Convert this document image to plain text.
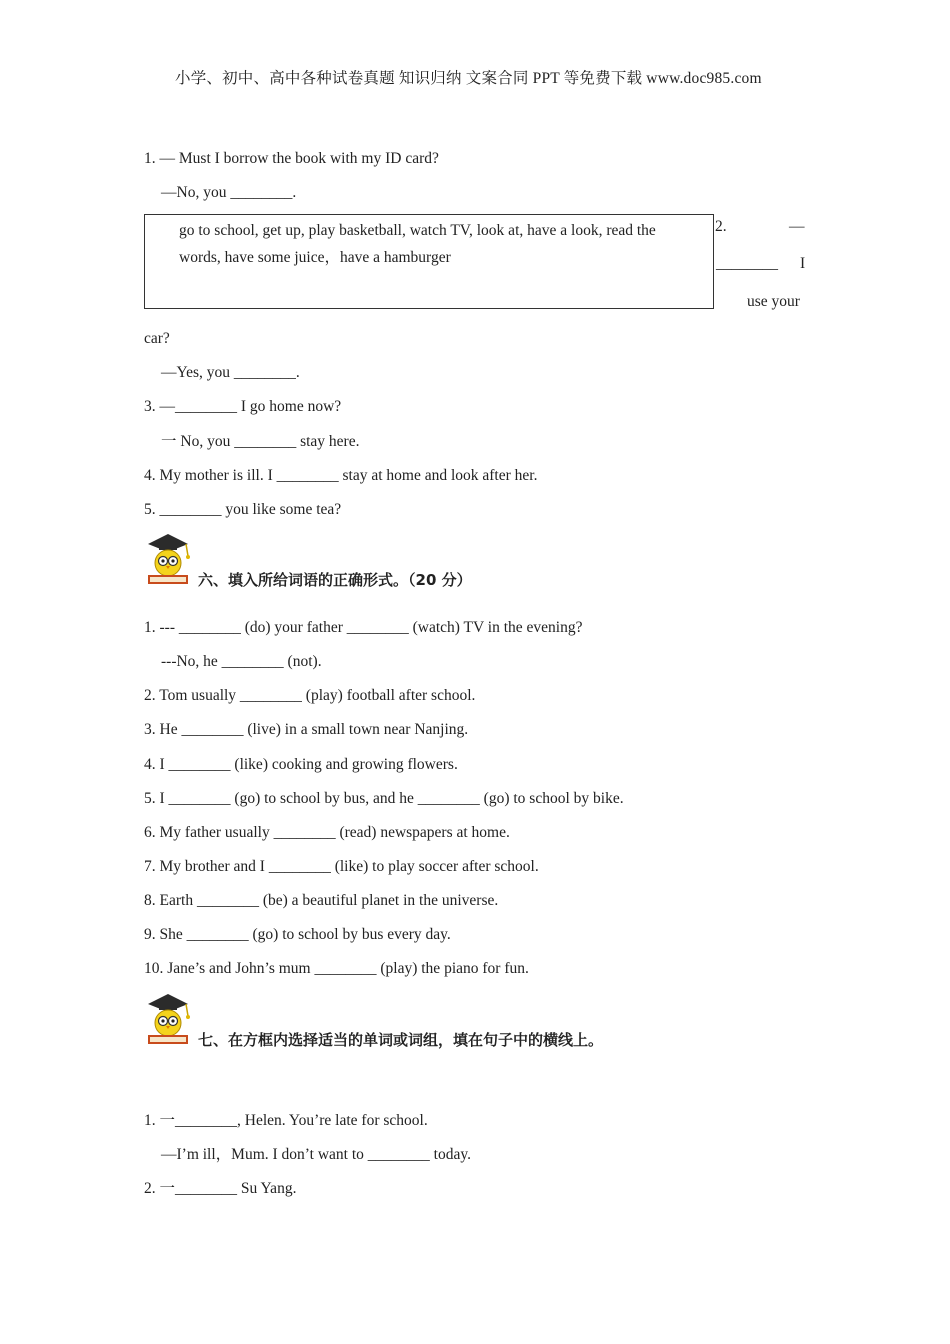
小学、初中、高中各种试卷真题 知识归纳 文案合同 PPT 等免费下载 www.doc985.com
1. — Must I borrow the book with my ID card?
—No, you ________.
go to school, get up, play basketball, watch TV, look at, have a look, read the words, have some juice，have a hamburger
2.	—
________ I
use your
car?
—Yes, you ________.
3. —________ I go home now?
一 No, you ________ stay here.
4. My mother is ill. I ________ stay at home and look after her.
5. ________ you like some tea?
六、填入所给词语的正确形式。（20 分）
1. --- ________ (do) your father ________ (watch) TV in the evening?
---No, he ________ (not).
2. Tom usually ________ (play) football after school.
3. He ________ (live) in a small town near Nanjing.
4. I ________ (like) cooking and growing flowers.
5. I ________ (go) to school by bus, and he ________ (go) to school by bike.
6. My father usually ________ (read) newspapers at home.
7. My brother and I ________ (like) to play soccer after school.
8. Earth ________ (be) a beautiful planet in the universe.
9. She ________ (go) to school by bus every day.
10. Jane’s and John’s mum ________ (play) the piano for fun.
七、在方框内选择适当的单词或词组，填在句子中的横线上。
1. 一________, Helen. You’re late for school.
—I’m ill，Mum. I don’t want to ________ today.
2. 一________ Su Yang.
